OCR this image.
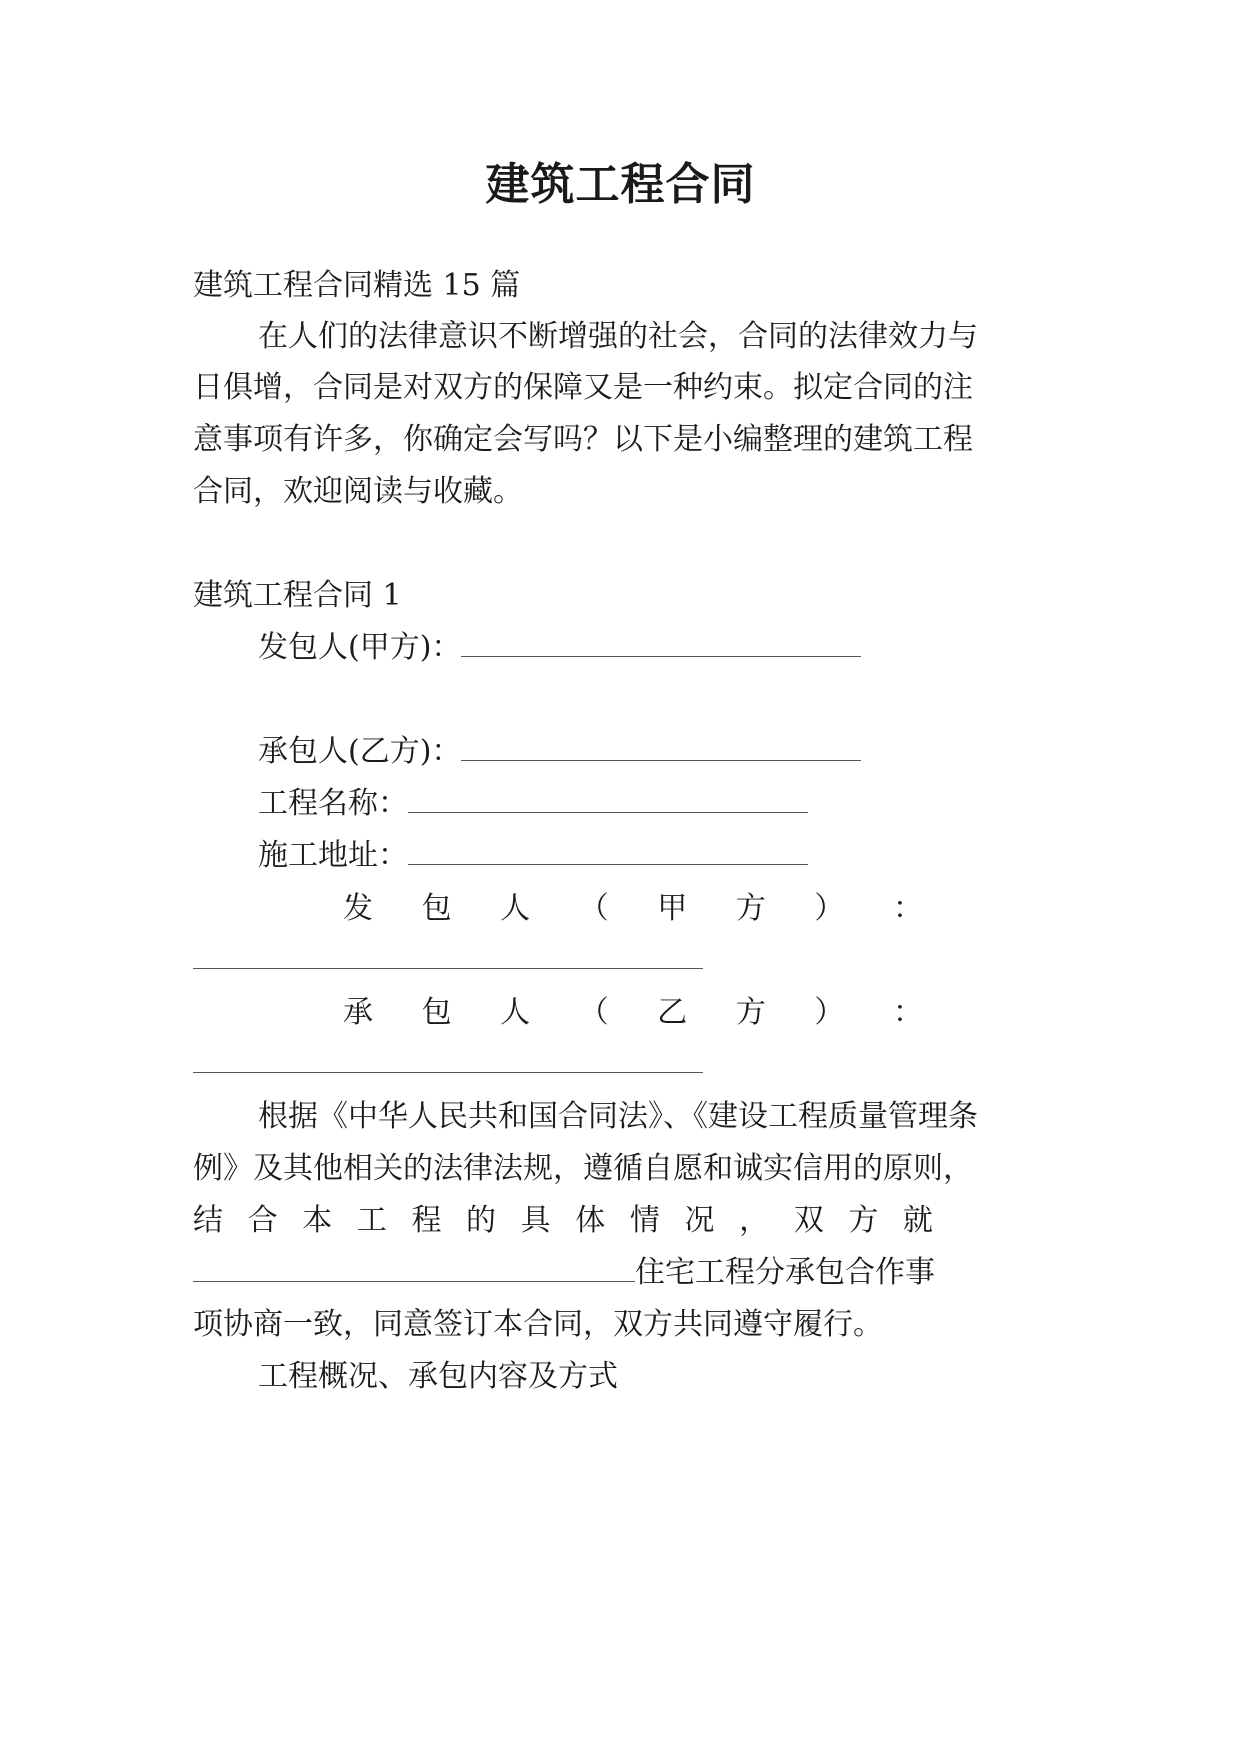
建筑工程合同
建筑工程合同精选 15 篇
在人们的法律意识不断增强的社会，合同的法律效力与
日俱增，合同是对双方的保障又是一种约束。拟定合同的注
意事项有许多，你确定会写吗？以下是小编整理的建筑工程
合同，欢迎阅读与收藏。
建筑工程合同 1
发包人(甲方)：
承包人(乙方)：
工程名称：
施工地址：
发 包 人 （ 甲 方 ） ：
承 包 人 （ 乙 方 ） ：
根据《中华人民共和国合同法》、《建设工程质量管理条
例》及其他相关的法律法规，遵循自愿和诚实信用的原则，
结 合 本 工 程 的 具 体 情 况 ， 双 方 就
住宅工程分承包合作事
项协商一致，同意签订本合同，双方共同遵守履行。
工程概况、承包内容及方式
